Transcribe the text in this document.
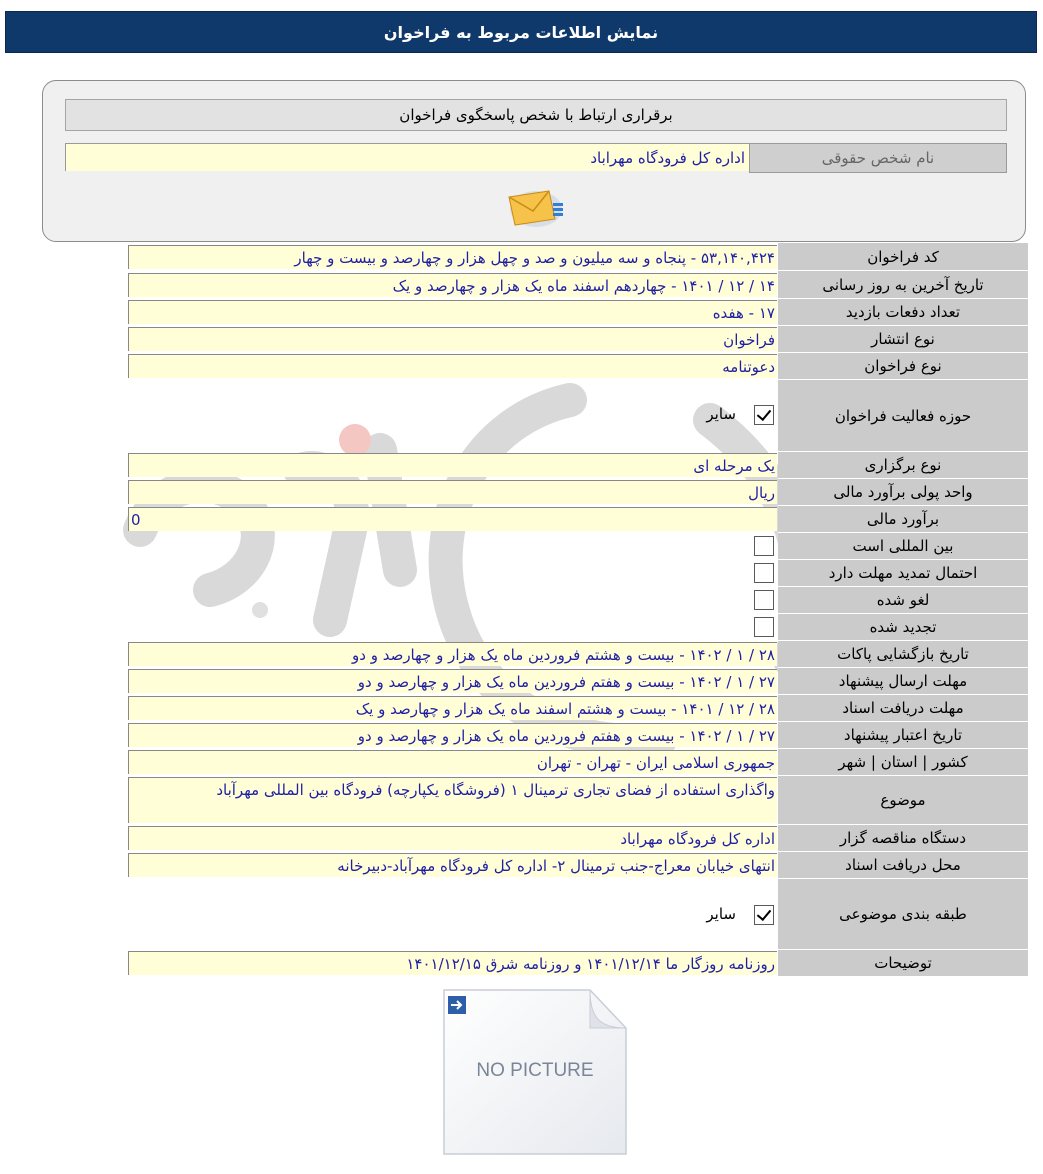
نمایش اطلاعات مربوط به فراخوان
برقراری ارتباط با شخص پاسخگوی فراخوان
اداره کل فرودگاه مهراباد	نام شخص حقوقی
کد فراخوان
۵۳,۱۴۰,۴۲۴ - پنجاه و سه میلیون و صد و چهل هزار و چهارصد و بیست و چهار
تاریخ آخرین به روز رسانی
۱۴ / ۱۲ / ۱۴۰۱ - چهاردهم اسفند ماه یک هزار و چهارصد و یک
تعداد دفعات بازدید
۱۷ - هفده
نوع انتشار
فراخوان
نوع فراخوان
دعوتنامه
حوزه فعالیت فراخوان
سایر
نوع برگزاری
یک مرحله ای
واحد پولی برآورد مالی
ریال
برآورد مالی
0
بین المللی است
احتمال تمدید مهلت دارد
لغو شده
تجدید شده
تاریخ بازگشایی پاکات
۲۸ / ۱ / ۱۴۰۲ - بیست و هشتم فروردین ماه یک هزار و چهارصد و دو
مهلت ارسال پیشنهاد
۲۷ / ۱ / ۱۴۰۲ - بیست و هفتم فروردین ماه یک هزار و چهارصد و دو
مهلت دریافت اسناد
۲۸ / ۱۲ / ۱۴۰۱ - بیست و هشتم اسفند ماه یک هزار و چهارصد و یک
تاریخ اعتبار پیشنهاد
۲۷ / ۱ / ۱۴۰۲ - بیست و هفتم فروردین ماه یک هزار و چهارصد و دو
کشور | استان | شهر
جمهوری اسلامی ایران - تهران - تهران
موضوع
واگذاری استفاده از فضای تجاری ترمینال ۱ (فروشگاه یکپارچه) فرودگاه بین المللی مهرآباد
دستگاه مناقصه گزار
اداره کل فرودگاه مهراباد
محل دریافت اسناد
انتهای خیابان معراج-جنب ترمینال ۲- اداره کل فرودگاه مهرآباد-دبیرخانه
طبقه بندی موضوعی
سایر
توضیحات
روزنامه روزگار ما ۱۴۰۱/۱۲/۱۴ و روزنامه شرق ۱۴۰۱/۱۲/۱۵
NO PICTURE
